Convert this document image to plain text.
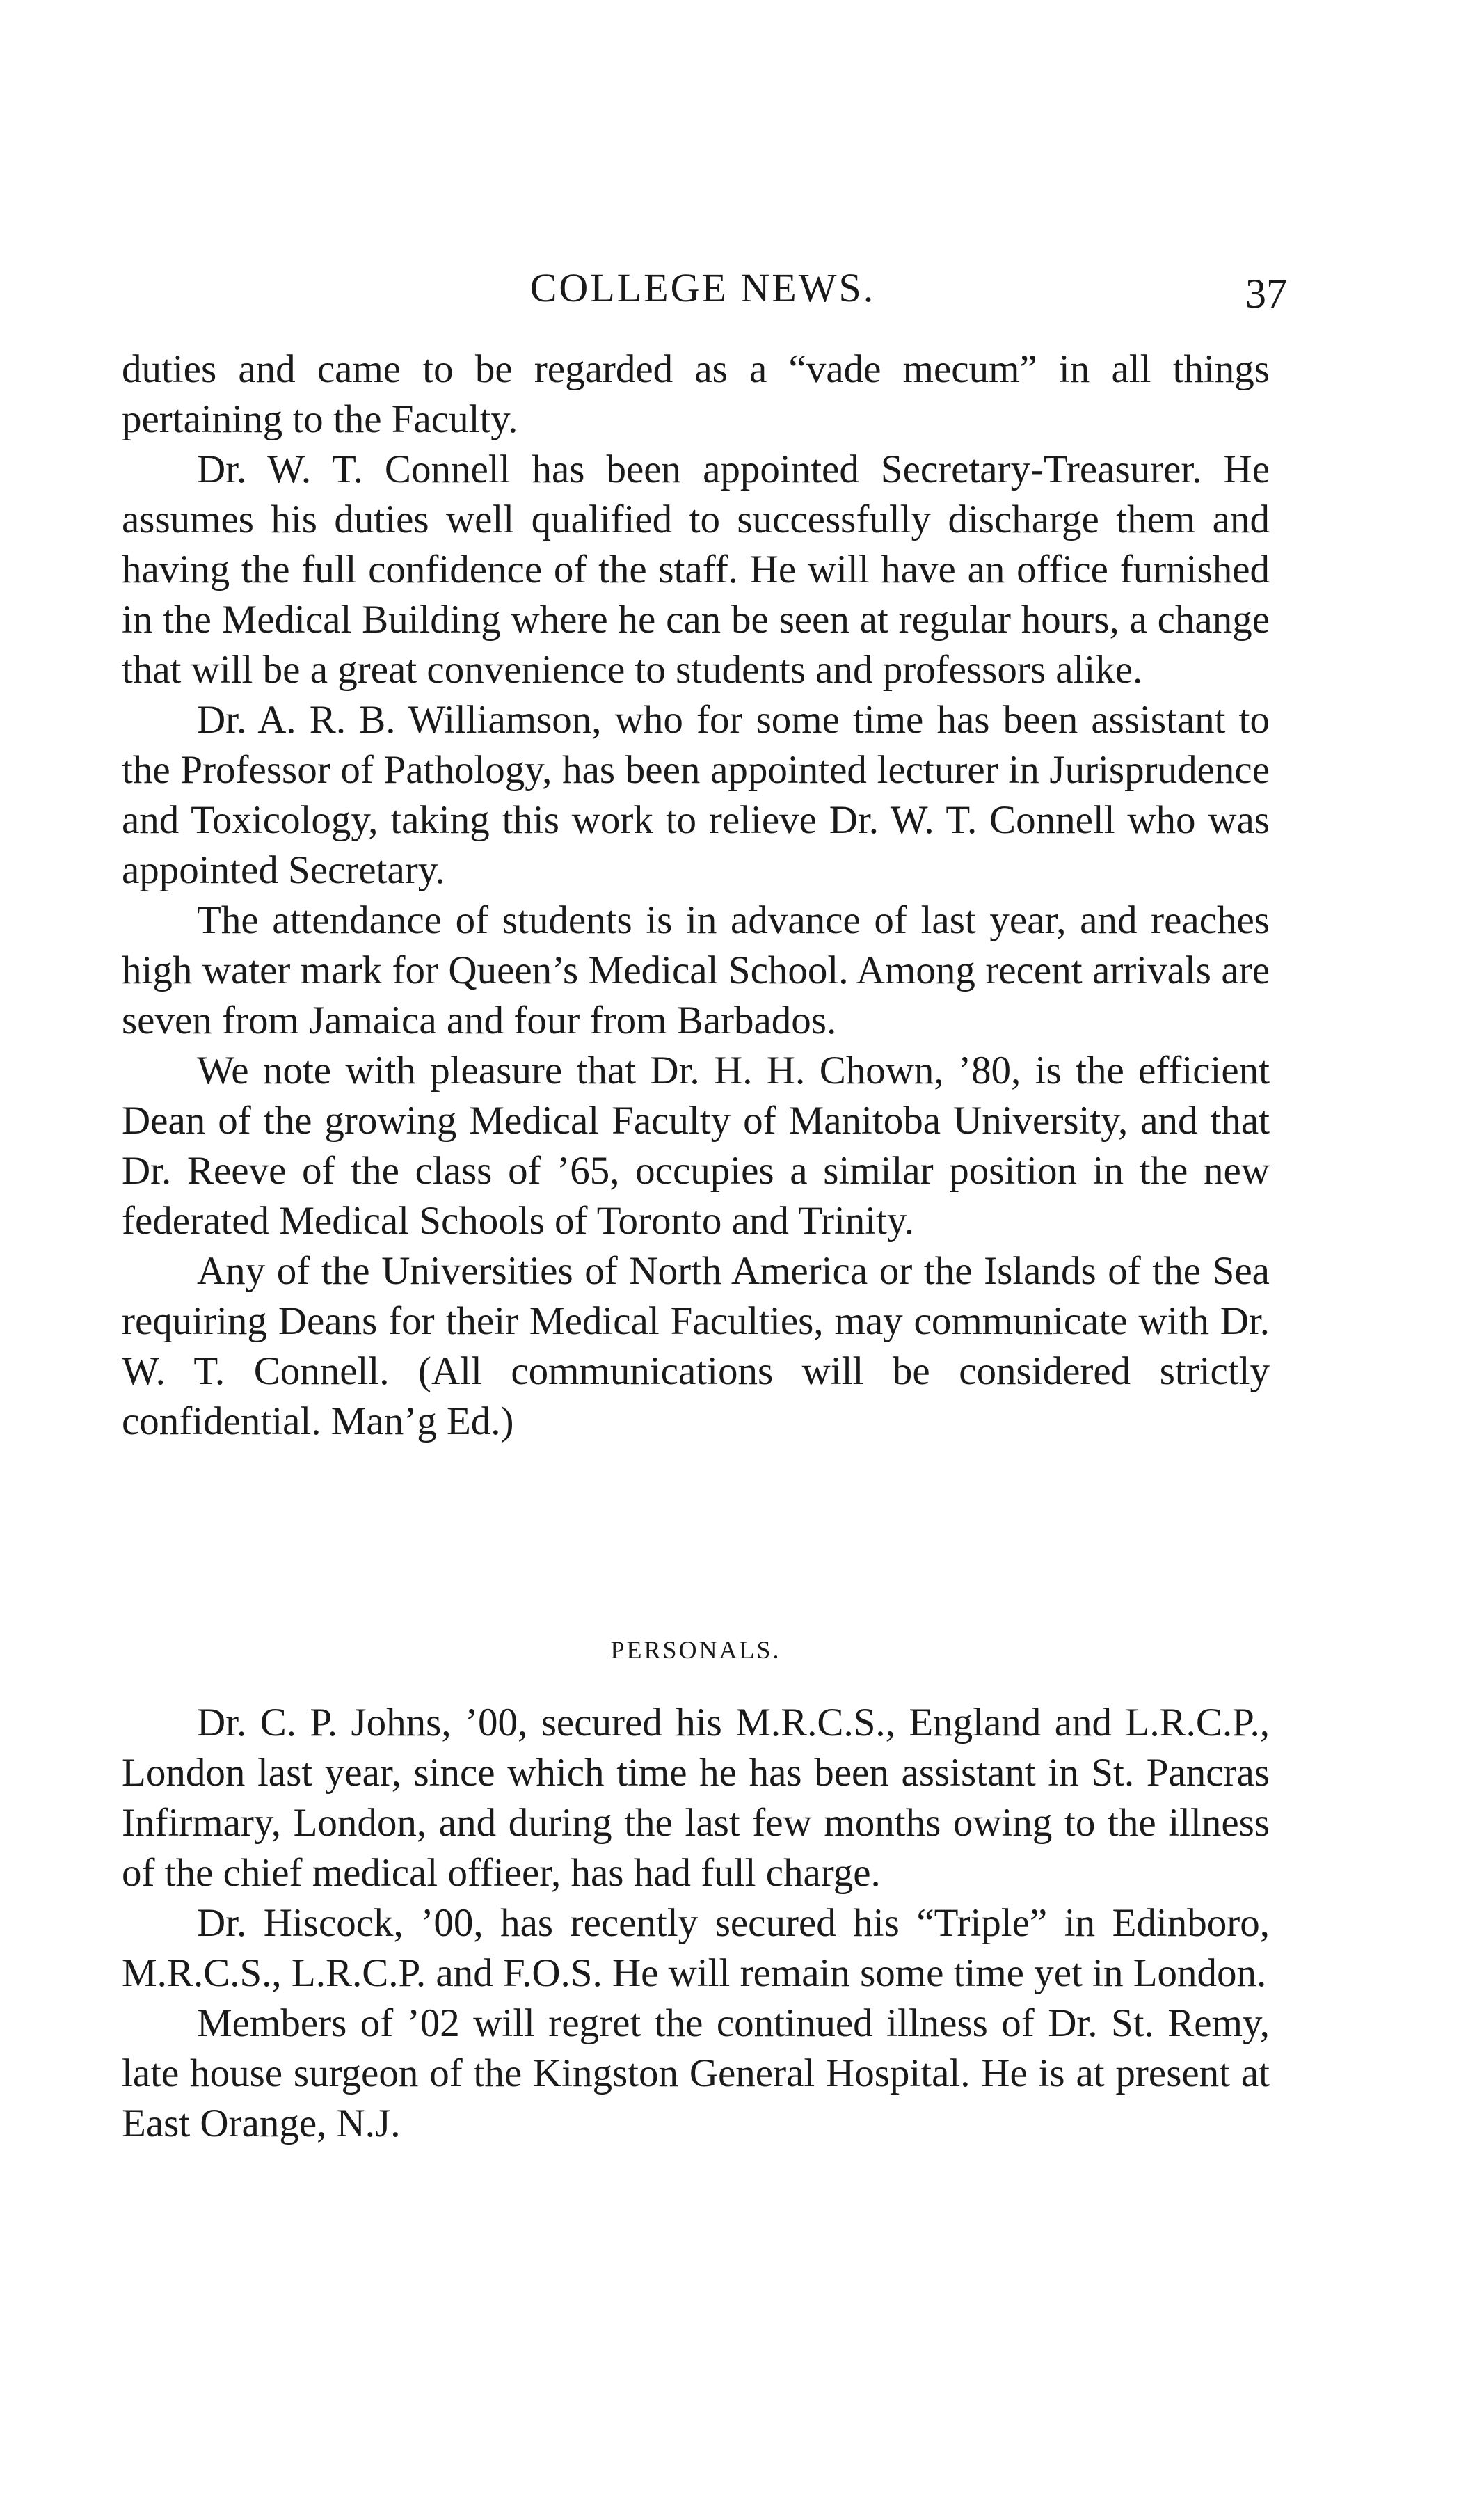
COLLEGE NEWS.	37

duties and came to be regarded as a “vade mecum” in all things pertaining to the Faculty.

Dr. W. T. Connell has been appointed Secretary-Treasurer. He assumes his duties well qualified to successfully discharge them and having the full confidence of the staff. He will have an office furnished in the Medical Building where he can be seen at regular hours, a change that will be a great convenience to students and professors alike.

Dr. A. R. B. Williamson, who for some time has been assistant to the Professor of Pathology, has been appointed lecturer in Jurisprudence and Toxicology, taking this work to relieve Dr. W. T. Connell who was appointed Secretary.

The attendance of students is in advance of last year, and reaches high water mark for Queen’s Medical School. Among recent arrivals are seven from Jamaica and four from Barbados.

We note with pleasure that Dr. H. H. Chown, ’80, is the efficient Dean of the growing Medical Faculty of Manitoba University, and that Dr. Reeve of the class of ’65, occupies a similar position in the new federated Medical Schools of Toronto and Trinity.

Any of the Universities of North America or the Islands of the Sea requiring Deans for their Medical Faculties, may communicate with Dr. W. T. Connell. (All communications will be considered strictly confidential. Man’g Ed.)

PERSONALS.

Dr. C. P. Johns, ’00, secured his M.R.C.S., England and L.R.C.P., London last year, since which time he has been assistant in St. Pancras Infirmary, London, and during the last few months owing to the illness of the chief medical offieer, has had full charge.

Dr. Hiscock, ’00, has recently secured his “Triple” in Edinboro, M.R.C.S., L.R.C.P. and F.O.S. He will remain some time yet in London.

Members of ’02 will regret the continued illness of Dr. St. Remy, late house surgeon of the Kingston General Hospital. He is at present at East Orange, N.J.
